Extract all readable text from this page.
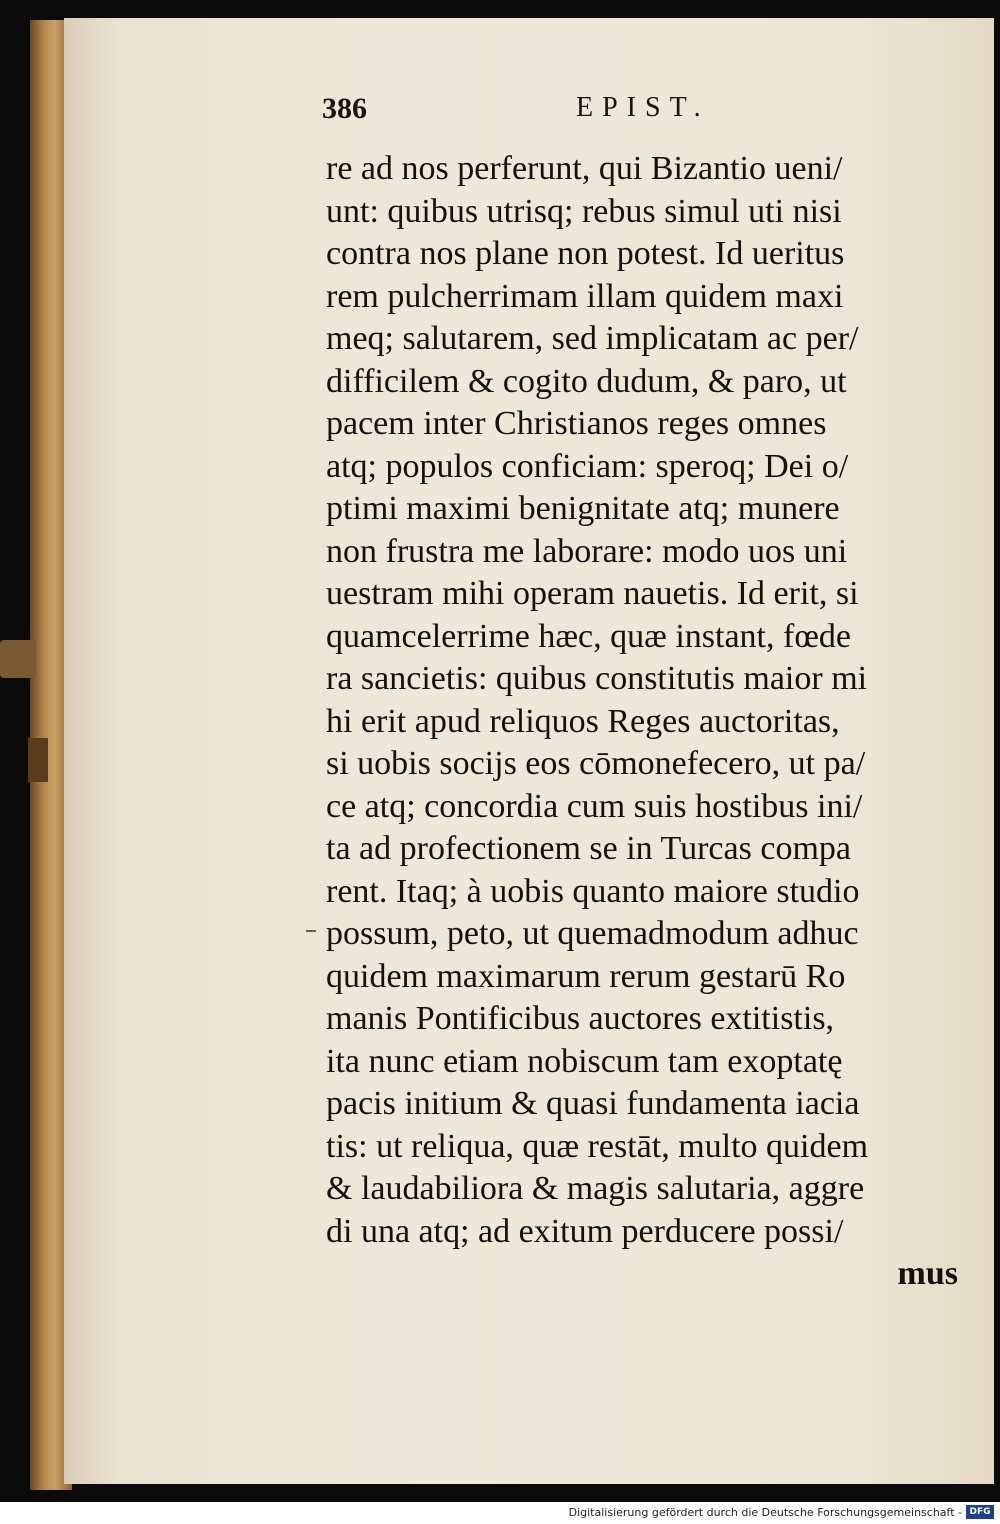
386	EPIST.
re ad nos perferunt, qui Bizantio ueni/
unt: quibus utrisq; rebus simul uti nisi
contra nos plane non potest. Id ueritus
rem pulcherrimam illam quidem maxi
meq; salutarem, sed implicatam ac per/
difficilem & cogito dudum, & paro, ut
pacem inter Christianos reges omnes
atq; populos conficiam: speroq; Dei o/
ptimi maximi benignitate atq; munere
non frustra me laborare: modo uos uni
uestram mihi operam nauetis. Id erit, si
quamcelerrime hæc, quæ instant, fœde
ra sancietis: quibus constitutis maior mi
hi erit apud reliquos Reges auctoritas,
si uobis socijs eos cōmonefecero, ut pa/
ce atq; concordia cum suis hostibus ini/
ta ad profectionem se in Turcas compa
rent. Itaq; à uobis quanto maiore studio
possum, peto, ut quemadmodum adhuc
quidem maximarum rerum gestarū Ro
manis Pontificibus auctores extitistis,
ita nunc etiam nobiscum tam exoptatę
pacis initium & quasi fundamenta iacia
tis: ut reliqua, quæ restāt, multo quidem
& laudabiliora & magis salutaria, aggre
di una atq; ad exitum perducere possi/
mus
Digitalisierung gefördert durch die Deutsche Forschungsgemeinschaft - DFG
